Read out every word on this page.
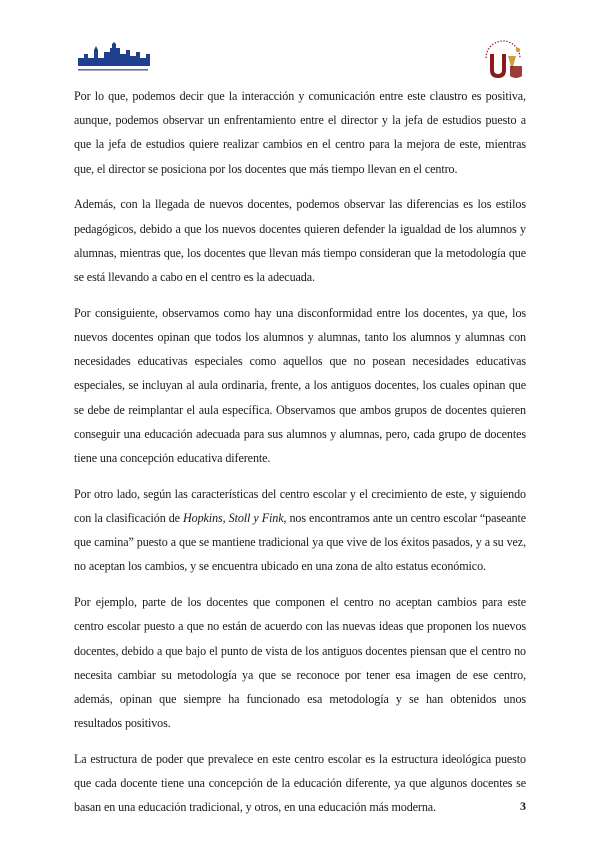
Por lo que, podemos decir que la interacción y comunicación entre este claustro es positiva, aunque, podemos observar un enfrentamiento entre el director y la jefa de estudios puesto a que la jefa de estudios quiere realizar cambios en el centro para la mejora de este, mientras que, el director se posiciona por los docentes que más tiempo llevan en el centro.

Además, con la llegada de nuevos docentes, podemos observar las diferencias es los estilos pedagógicos, debido a que los nuevos docentes quieren defender la igualdad de los alumnos y alumnas, mientras que, los docentes que llevan más tiempo consideran que la metodología que se está llevando a cabo en el centro es la adecuada.

Por consiguiente, observamos como hay una disconformidad entre los docentes, ya que, los nuevos docentes opinan que todos los alumnos y alumnas, tanto los alumnos y alumnas con necesidades educativas especiales como aquellos que no posean necesidades educativas especiales, se incluyan al aula ordinaria, frente, a los antiguos docentes, los cuales opinan que se debe de reimplantar el aula específica. Observamos que ambos grupos de docentes quieren conseguir una educación adecuada para sus alumnos y alumnas, pero, cada grupo de docentes tiene una concepción educativa diferente.

Por otro lado, según las características del centro escolar y el crecimiento de este, y siguiendo con la clasificación de Hopkins, Stoll y Fink, nos encontramos ante un centro escolar “paseante que camina” puesto a que se mantiene tradicional ya que vive de los éxitos pasados, y a su vez, no aceptan los cambios, y se encuentra ubicado en una zona de alto estatus económico.

Por ejemplo, parte de los docentes que componen el centro no aceptan cambios para este centro escolar puesto a que no están de acuerdo con las nuevas ideas que proponen los nuevos docentes, debido a que bajo el punto de vista de los antiguos docentes piensan que el centro no necesita cambiar su metodología ya que se reconoce por tener esa imagen de ese centro, además, opinan que siempre ha funcionado esa metodología y se han obtenidos unos resultados positivos.

La estructura de poder que prevalece en este centro escolar es la estructura ideológica puesto que cada docente tiene una concepción de la educación diferente, ya que algunos docentes se basan en una educación tradicional, y otros, en una educación más moderna.	3
